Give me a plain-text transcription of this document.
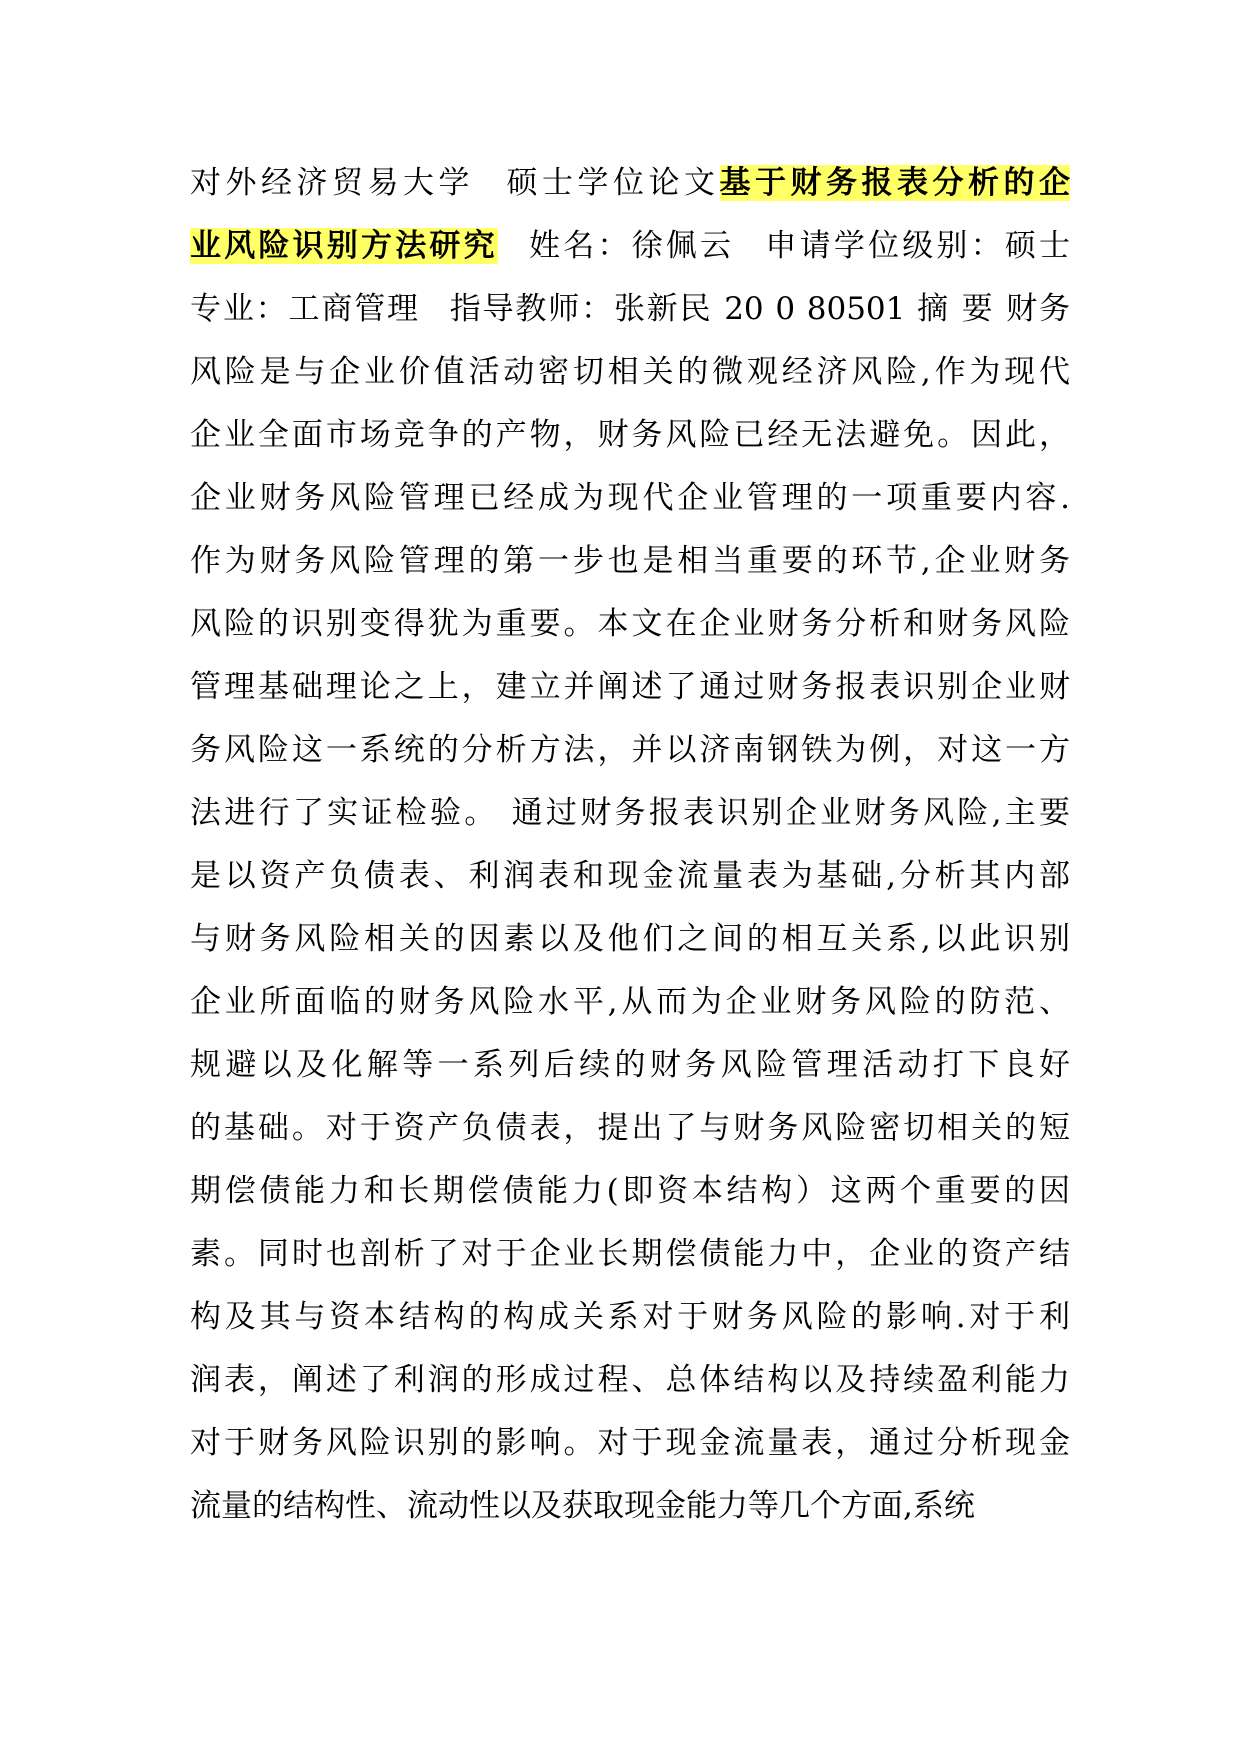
对外经济贸易大学 硕士学位论文基于财务报表分析的企
业风险识别方法研究 姓名：徐佩云 申请学位级别：硕士
专业：工商管理 指导教师：张新民 20 0 80501 摘 要 财务
风险是与企业价值活动密切相关的微观经济风险,作为现代
企业全面市场竞争的产物，财务风险已经无法避免。因此，
企业财务风险管理已经成为现代企业管理的一项重要内容.
作为财务风险管理的第一步也是相当重要的环节,企业财务
风险的识别变得犹为重要。本文在企业财务分析和财务风险
管理基础理论之上，建立并阐述了通过财务报表识别企业财
务风险这一系统的分析方法，并以济南钢铁为例，对这一方
法进行了实证检验。 通过财务报表识别企业财务风险,主要
是以资产负债表、利润表和现金流量表为基础,分析其内部
与财务风险相关的因素以及他们之间的相互关系,以此识别
企业所面临的财务风险水平,从而为企业财务风险的防范、
规避以及化解等一系列后续的财务风险管理活动打下良好
的基础。对于资产负债表，提出了与财务风险密切相关的短
期偿债能力和长期偿债能力(即资本结构）这两个重要的因
素。同时也剖析了对于企业长期偿债能力中，企业的资产结
构及其与资本结构的构成关系对于财务风险的影响.对于利
润表，阐述了利润的形成过程、总体结构以及持续盈利能力
对于财务风险识别的影响。对于现金流量表，通过分析现金
流量的结构性、流动性以及获取现金能力等几个方面,系统
